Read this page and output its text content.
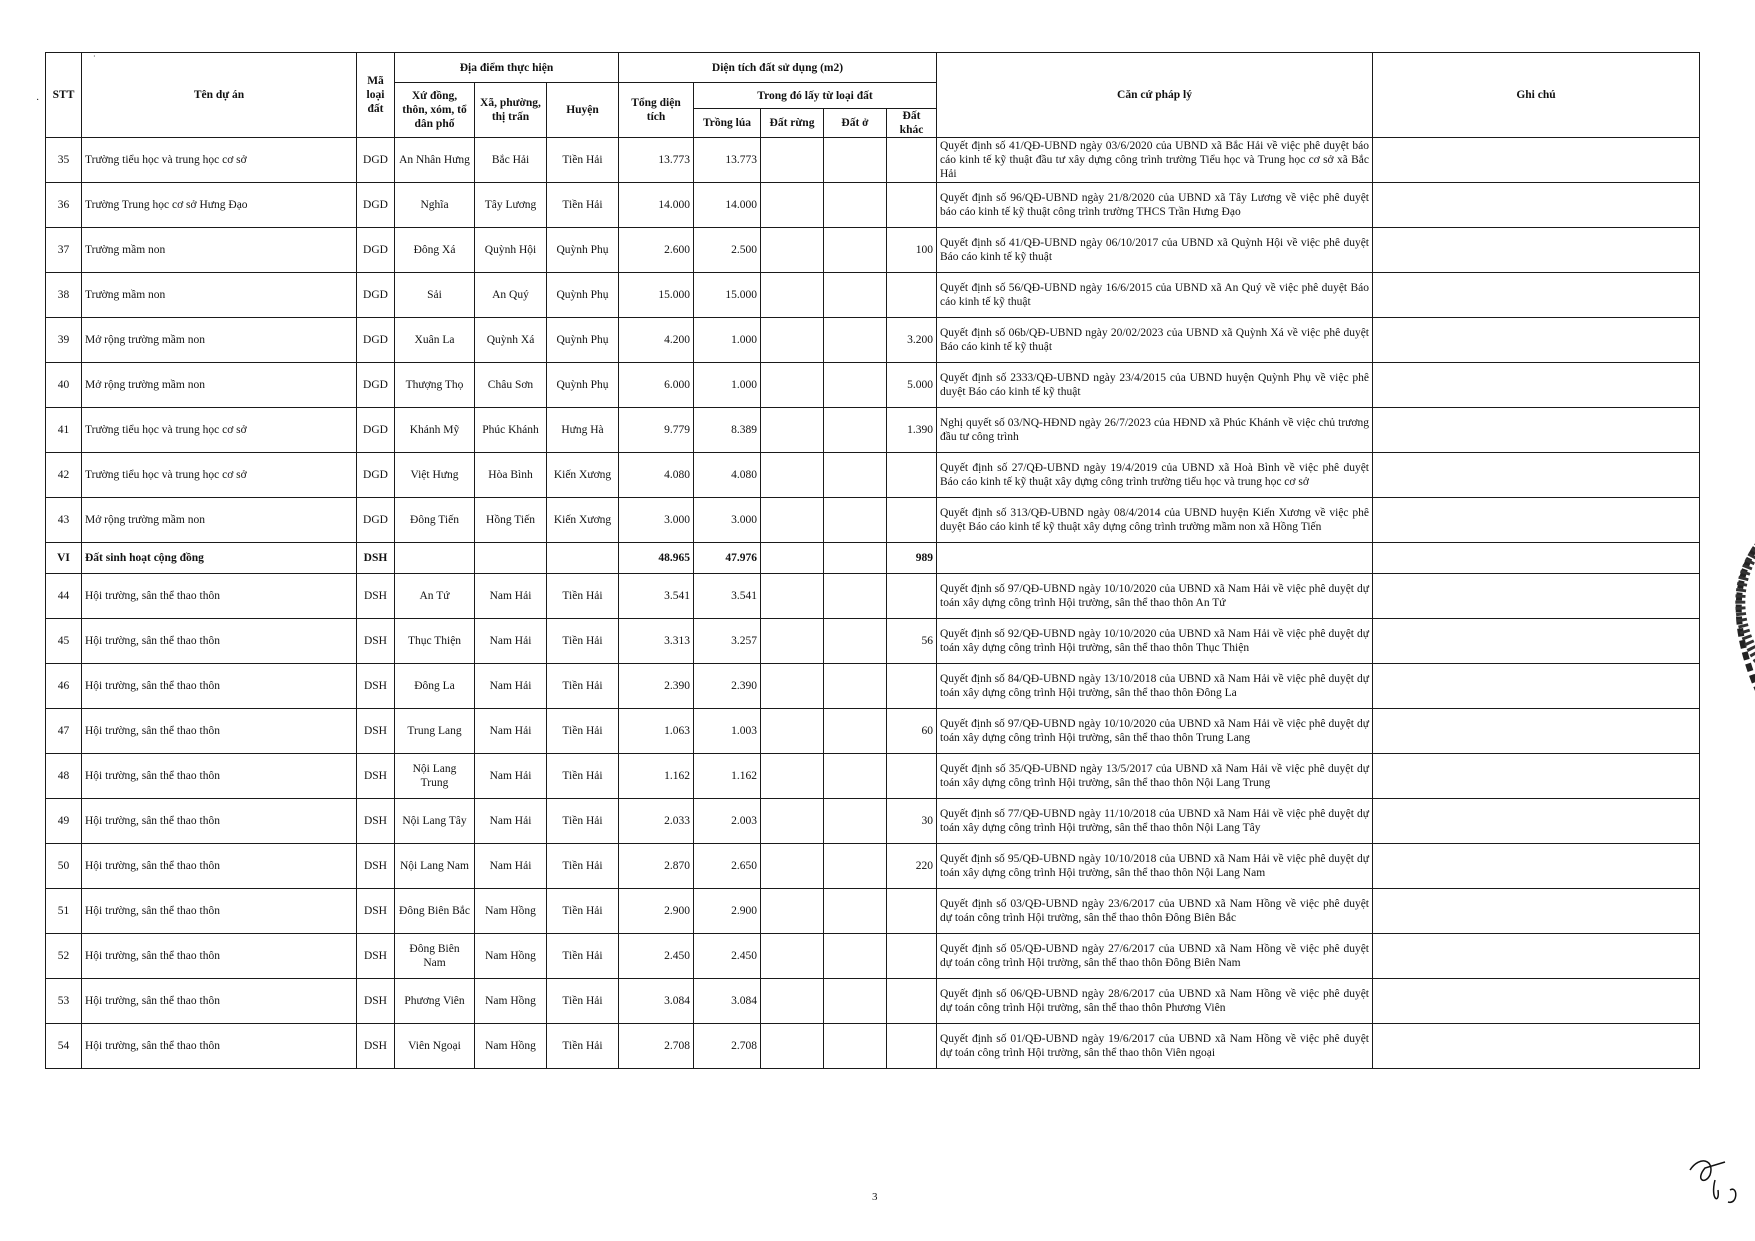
·
·
STT	Tên dự án	Mã loại đất	Địa điểm thực hiện			Diện tích đất sử dụng (m2)					Căn cứ pháp lý	Ghi chú
			Xứ đồng, thôn, xóm, tổ dân phố	Xã, phường, thị trấn	Huyện	Tổng diện tích	Trong đó lấy từ loại đất					
							Trồng lúa	Đất rừng	Đất ở	Đất khác		
35	Trường tiểu học và trung học cơ sở	DGD	An Nhân Hưng	Bắc Hải	Tiền Hải	13.773	13.773				Quyết định số 41/QĐ-UBND ngày 03/6/2020 của UBND xã Bắc Hải về việc phê duyệt báo cáo kinh tế kỹ thuật đầu tư xây dựng công trình trường Tiểu học và Trung học cơ sở xã Bắc Hải	
36	Trường Trung học cơ sở Hưng Đạo	DGD	Nghĩa	Tây Lương	Tiền Hải	14.000	14.000				Quyết định số 96/QĐ-UBND ngày 21/8/2020 của UBND xã Tây Lương về việc phê duyệt báo cáo kinh tế kỹ thuật công trình trường THCS Trần Hưng Đạo	
37	Trường mầm non	DGD	Đông Xá	Quỳnh Hội	Quỳnh Phụ	2.600	2.500			100	Quyết định số 41/QĐ-UBND ngày 06/10/2017 của UBND xã Quỳnh Hội về việc phê duyệt Báo cáo kinh tế kỹ thuật	
38	Trường mầm non	DGD	Sải	An Quý	Quỳnh Phụ	15.000	15.000				Quyết định số 56/QĐ-UBND ngày 16/6/2015 của UBND xã An Quý về việc phê duyệt Báo cáo kinh tế kỹ thuật	
39	Mở rộng trường mầm non	DGD	Xuân La	Quỳnh Xá	Quỳnh Phụ	4.200	1.000			3.200	Quyết định số 06b/QĐ-UBND ngày 20/02/2023 của UBND xã Quỳnh Xá về việc phê duyệt Báo cáo kinh tế kỹ thuật	
40	Mở rộng trường mầm non	DGD	Thượng Thọ	Châu Sơn	Quỳnh Phụ	6.000	1.000			5.000	Quyết định số 2333/QĐ-UBND ngày 23/4/2015 của UBND huyện Quỳnh Phụ về việc phê duyệt Báo cáo kinh tế kỹ thuật	
41	Trường tiểu học và trung học cơ sở	DGD	Khánh Mỹ	Phúc Khánh	Hưng Hà	9.779	8.389			1.390	Nghị quyết số 03/NQ-HĐND ngày 26/7/2023 của HĐND xã Phúc Khánh về việc chủ trương đầu tư công trình	
42	Trường tiểu học và trung học cơ sở	DGD	Việt Hưng	Hòa Bình	Kiến Xương	4.080	4.080				Quyết định số 27/QĐ-UBND ngày 19/4/2019 của UBND xã Hoà Bình về việc phê duyệt Báo cáo kinh tế kỹ thuật xây dựng công trình trường tiểu học và trung học cơ sở	
43	Mở rộng trường mầm non	DGD	Đông Tiến	Hồng Tiến	Kiến Xương	3.000	3.000				Quyết định số 313/QĐ-UBND ngày 08/4/2014 của UBND huyện Kiến Xương về việc phê duyệt Báo cáo kinh tế kỹ thuật xây dựng công trình trường mầm non xã Hồng Tiến	
VI	Đất sinh hoạt cộng đồng	DSH				48.965	47.976			989		
44	Hội trường, sân thể thao thôn	DSH	An Tứ	Nam Hải	Tiền Hải	3.541	3.541				Quyết định số 97/QĐ-UBND ngày 10/10/2020 của UBND xã Nam Hải về việc phê duyệt dự toán xây dựng công trình Hội trường, sân thể thao thôn An Tứ	
45	Hội trường, sân thể thao thôn	DSH	Thục Thiện	Nam Hải	Tiền Hải	3.313	3.257			56	Quyết định số 92/QĐ-UBND ngày 10/10/2020 của UBND xã Nam Hải về việc phê duyệt dự toán xây dựng công trình Hội trường, sân thể thao thôn Thục Thiện	
46	Hội trường, sân thể thao thôn	DSH	Đông La	Nam Hải	Tiền Hải	2.390	2.390				Quyết định số 84/QĐ-UBND ngày 13/10/2018 của UBND xã Nam Hải về việc phê duyệt dự toán xây dựng công trình Hội trường, sân thể thao thôn Đông La	
47	Hội trường, sân thể thao thôn	DSH	Trung Lang	Nam Hải	Tiền Hải	1.063	1.003			60	Quyết định số 97/QĐ-UBND ngày 10/10/2020 của UBND xã Nam Hải về việc phê duyệt dự toán xây dựng công trình Hội trường, sân thể thao thôn Trung Lang	
48	Hội trường, sân thể thao thôn	DSH	Nội Lang Trung	Nam Hải	Tiền Hải	1.162	1.162				Quyết định số 35/QĐ-UBND ngày 13/5/2017 của UBND xã Nam Hải về việc phê duyệt dự toán xây dựng công trình Hội trường, sân thể thao thôn Nội Lang Trung	
49	Hội trường, sân thể thao thôn	DSH	Nội Lang Tây	Nam Hải	Tiền Hải	2.033	2.003			30	Quyết định số 77/QĐ-UBND ngày 11/10/2018 của UBND xã Nam Hải về việc phê duyệt dự toán xây dựng công trình Hội trường, sân thể thao thôn Nội Lang Tây	
50	Hội trường, sân thể thao thôn	DSH	Nội Lang Nam	Nam Hải	Tiền Hải	2.870	2.650			220	Quyết định số 95/QĐ-UBND ngày 10/10/2018 của UBND xã Nam Hải về việc phê duyệt dự toán xây dựng công trình Hội trường, sân thể thao thôn Nội Lang Nam	
51	Hội trường, sân thể thao thôn	DSH	Đông Biên Bắc	Nam Hồng	Tiền Hải	2.900	2.900				Quyết định số 03/QĐ-UBND ngày 23/6/2017 của UBND xã Nam Hồng về việc phê duyệt dự toán công trình Hội trường, sân thể thao thôn Đông Biên Bắc	
52	Hội trường, sân thể thao thôn	DSH	Đông Biên Nam	Nam Hồng	Tiền Hải	2.450	2.450				Quyết định số 05/QĐ-UBND ngày 27/6/2017 của UBND xã Nam Hồng về việc phê duyệt dự toán công trình Hội trường, sân thể thao thôn Đông Biên Nam	
53	Hội trường, sân thể thao thôn	DSH	Phương Viên	Nam Hồng	Tiền Hải	3.084	3.084				Quyết định số 06/QĐ-UBND ngày 28/6/2017 của UBND xã Nam Hồng về việc phê duyệt dự toán công trình Hội trường, sân thể thao thôn Phương Viên	
54	Hội trường, sân thể thao thôn	DSH	Viên Ngoại	Nam Hồng	Tiền Hải	2.708	2.708				Quyết định số 01/QĐ-UBND ngày 19/6/2017 của UBND xã Nam Hồng về việc phê duyệt dự toán công trình Hội trường, sân thể thao thôn Viên ngoại	
3
